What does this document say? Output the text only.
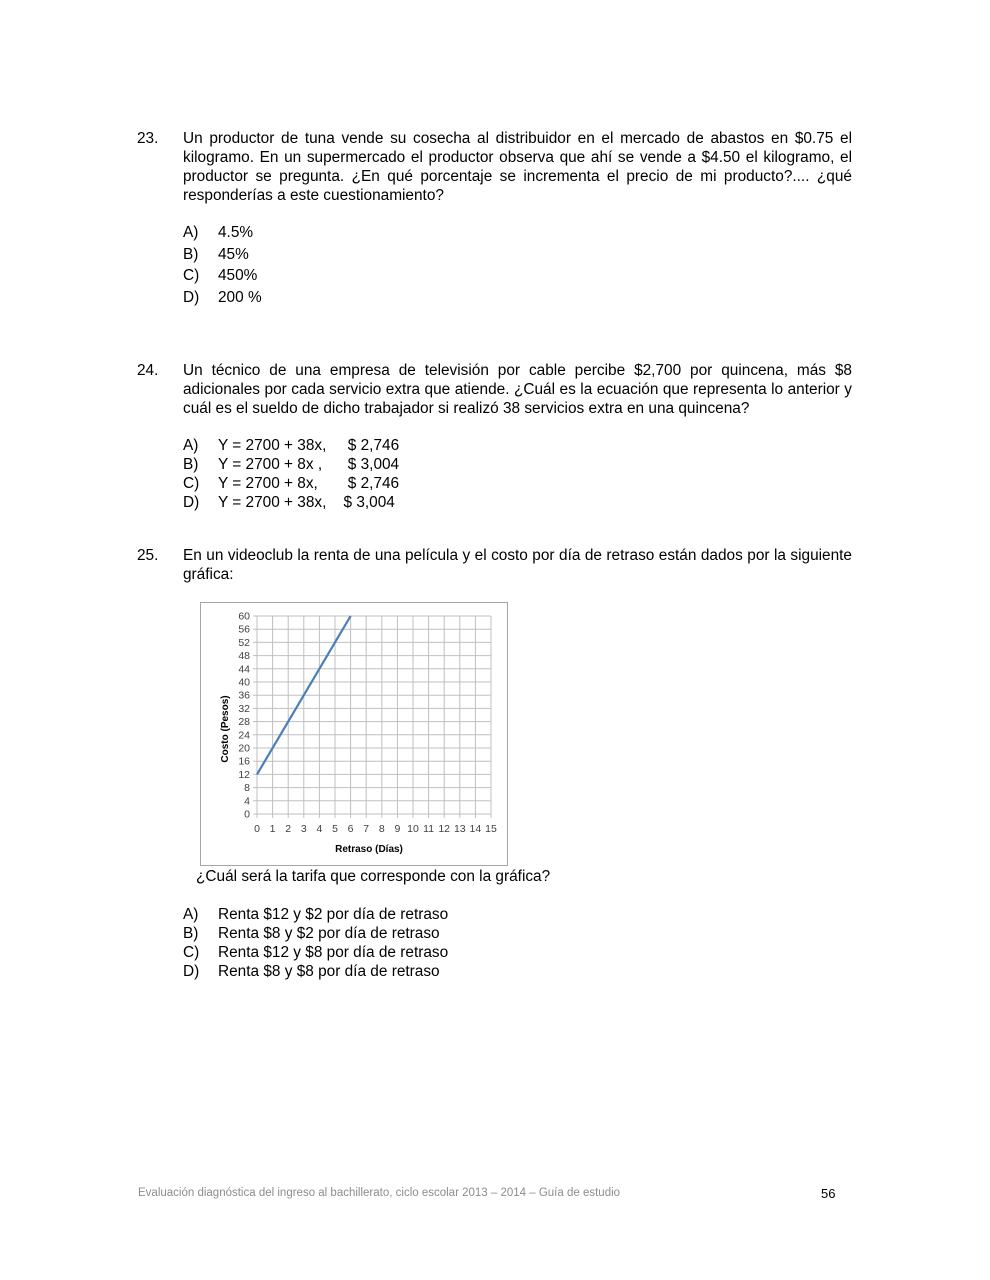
23. Un productor de tuna vende su cosecha al distribuidor en el mercado de abastos en $0.75 el kilogramo. En un supermercado el productor observa que ahí se vende a $4.50 el kilogramo, el productor se pregunta. ¿En qué porcentaje se incrementa el precio de mi producto?.... ¿qué responderías a este cuestionamiento?
A)	4.5%
B)	45%
C)	450%
D)	200 %
24. Un técnico de una empresa de televisión por cable percibe $2,700 por quincena, más $8 adicionales por cada servicio extra que atiende. ¿Cuál es la ecuación que representa lo anterior y cuál es el sueldo de dicho trabajador si realizó 38 servicios extra en una quincena?
A)	Y = 2700 + 38x,     $ 2,746
B)	Y = 2700 + 8x ,      $ 3,004
C)	Y = 2700 + 8x,       $ 2,746
D)	Y = 2700 + 38x,    $ 3,004
25. En un videoclub la renta de una película y el costo por día de retraso están dados por la siguiente gráfica:
0
4
8
12
16
20
24
28
32
36
40
44
48
52
56
60
0 1 2 3 4 5 6 7 8 9 10 11 12 13 14 15
Retraso (Días)
Costo (Pesos)
¿Cuál será la tarifa que corresponde con la gráfica?
A)	Renta $12 y $2 por día de retraso
B)	Renta $8 y $2 por día de retraso
C)	Renta $12 y $8 por día de retraso
D)	Renta $8 y $8 por día de retraso
Evaluación diagnóstica del ingreso al bachillerato, ciclo escolar 2013 – 2014 – Guía de estudio	56
